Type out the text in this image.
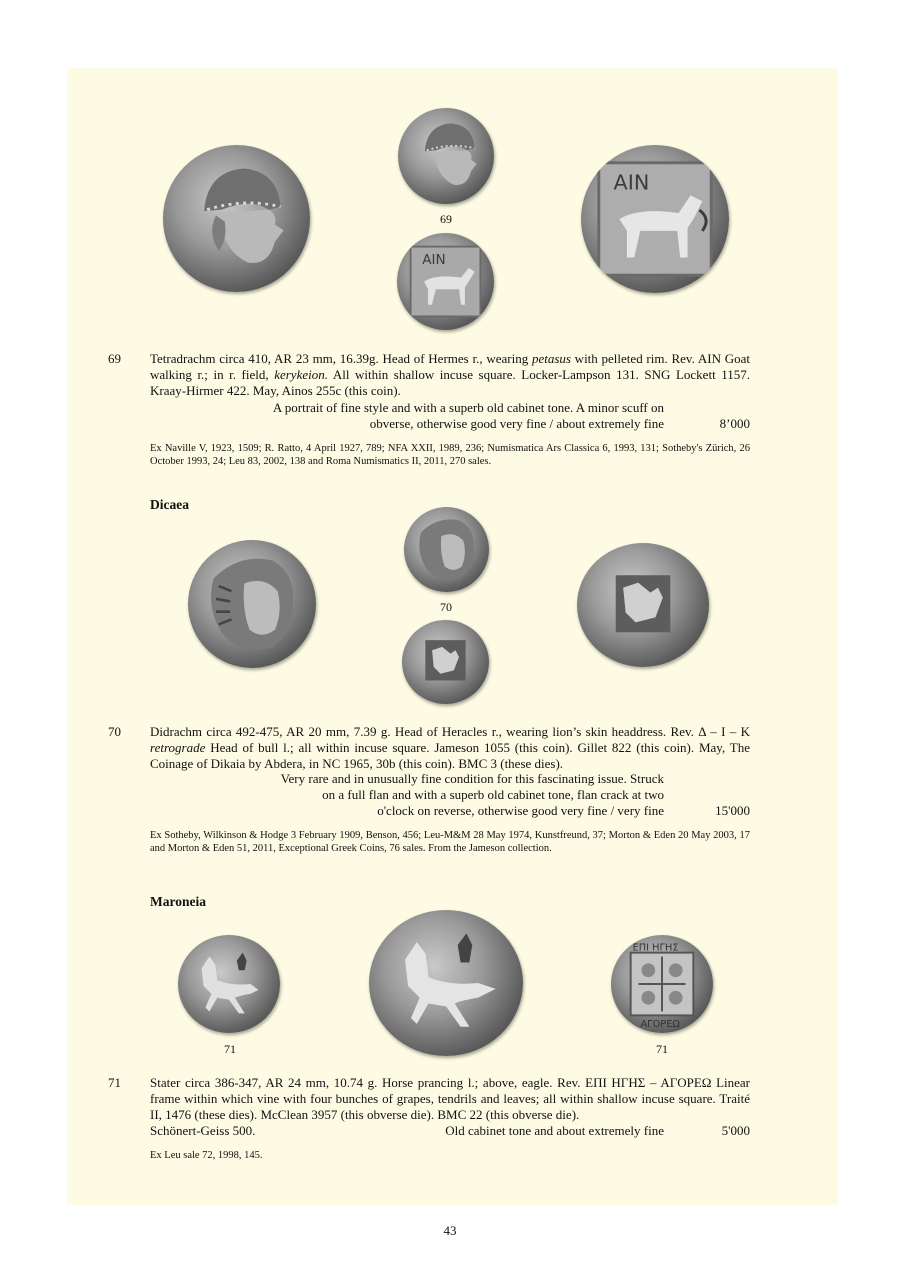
69
ΑΙΝ
ΑΙΝ
69 Tetradrachm circa 410, AR 23 mm, 16.39g. Head of Hermes r., wearing petasus with pelleted rim. Rev. AIN Goat walking r.; in r. field, kerykeion. All within shallow incuse square. Locker-Lampson 131. SNG Lockett 1157. Kraay-Hirmer 422. May, Ainos 255c (this coin).
A portrait of fine style and with a superb old cabinet tone. A minor scuff on
obverse, otherwise good very fine / about extremely fine	8’000
Ex Naville V, 1923, 1509; R. Ratto, 4 April 1927, 789; NFA XXII, 1989, 236; Numismatica Ars Classica 6, 1993, 131; Sotheby's Zürich, 26 October 1993, 24; Leu 83, 2002, 138 and Roma Numismatics II, 2011, 270 sales.
Dicaea
70
70 Didrachm circa 492-475, AR 20 mm, 7.39 g. Head of Heracles r., wearing lion’s skin headdress. Rev. Δ – I – K retrograde Head of bull l.; all within incuse square. Jameson 1055 (this coin). Gillet 822 (this coin). May, The Coinage of Dikaia by Abdera, in NC 1965, 30b (this coin). BMC 3 (these dies).
Very rare and in unusually fine condition for this fascinating issue. Struck
on a full flan and with a superb old cabinet tone, flan crack at two
o'clock on reverse, otherwise good very fine / very fine	15'000
Ex Sotheby, Wilkinson & Hodge 3 February 1909, Benson, 456; Leu-M&M 28 May 1974, Kunstfreund, 37; Morton & Eden 20 May 2003, 17 and Morton & Eden 51, 2011, Exceptional Greek Coins, 76 sales. From the Jameson collection.
Maroneia
ΕΠΙ ΗΓΗΣ
ΑΓΟΡΕΩ
71	71
71 Stater circa 386-347, AR 24 mm, 10.74 g. Horse prancing l.; above, eagle. Rev. ΕΠΙ ΗΓΗΣ – ΑΓΟΡΕΩ Linear frame within which vine with four bunches of grapes, tendrils and leaves; all within shallow incuse square. Traité II, 1476 (these dies). McClean 3957 (this obverse die). BMC 22 (this obverse die).
Schönert-Geiss 500.	Old cabinet tone and about extremely fine	5'000
Ex Leu sale 72, 1998, 145.
43
